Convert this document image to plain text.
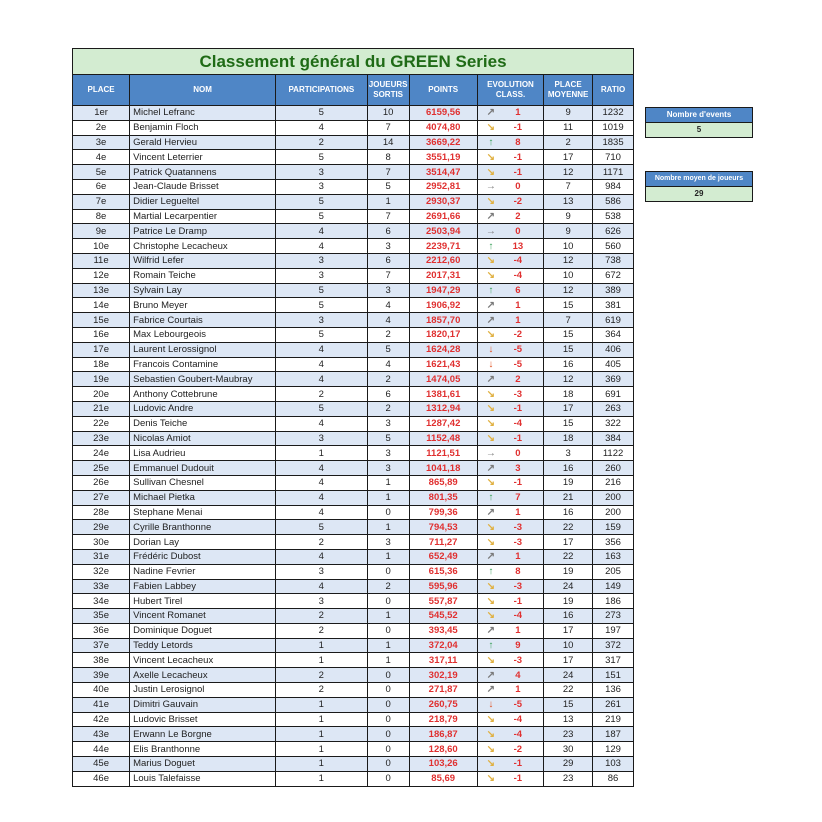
Classement général du GREEN Series							
PLACE	NOM	PARTICIPATIONS	JOUEURS SORTIS	POINTS	EVOLUTION CLASS.	PLACE MOYENNE	RATIO
1er	Michel Lefranc	5	10	6159,56	↗ 1	9	1232
2e	Benjamin Floch	4	7	4074,80	↘ -1	11	1019
3e	Gerald Hervieu	2	14	3669,22	↑ 8	2	1835
4e	Vincent Leterrier	5	8	3551,19	↘ -1	17	710
5e	Patrick Quatannens	3	7	3514,47	↘ -1	12	1171
6e	Jean-Claude Brisset	3	5	2952,81	→ 0	7	984
7e	Didier Legueltel	5	1	2930,37	↘ -2	13	586
8e	Martial Lecarpentier	5	7	2691,66	↗ 2	9	538
9e	Patrice Le Dramp	4	6	2503,94	→ 0	9	626
10e	Christophe Lecacheux	4	3	2239,71	↑ 13	10	560
11e	Wilfrid Lefer	3	6	2212,60	↘ -4	12	738
12e	Romain Teiche	3	7	2017,31	↘ -4	10	672
13e	Sylvain Lay	5	3	1947,29	↑ 6	12	389
14e	Bruno Meyer	5	4	1906,92	↗ 1	15	381
15e	Fabrice Courtais	3	4	1857,70	↗ 1	7	619
16e	Max Lebourgeois	5	2	1820,17	↘ -2	15	364
17e	Laurent Lerossignol	4	5	1624,28	↓ -5	15	406
18e	Francois Contamine	4	4	1621,43	↓ -5	16	405
19e	Sebastien Goubert-Maubray	4	2	1474,05	↗ 2	12	369
20e	Anthony Cottebrune	2	6	1381,61	↘ -3	18	691
21e	Ludovic Andre	5	2	1312,94	↘ -1	17	263
22e	Denis Teiche	4	3	1287,42	↘ -4	15	322
23e	Nicolas Amiot	3	5	1152,48	↘ -1	18	384
24e	Lisa Audrieu	1	3	1121,51	→ 0	3	1122
25e	Emmanuel Dudouit	4	3	1041,18	↗ 3	16	260
26e	Sullivan Chesnel	4	1	865,89	↘ -1	19	216
27e	Michael Pietka	4	1	801,35	↑ 7	21	200
28e	Stephane Menai	4	0	799,36	↗ 1	16	200
29e	Cyrille Branthonne	5	1	794,53	↘ -3	22	159
30e	Dorian Lay	2	3	711,27	↘ -3	17	356
31e	Frédéric Dubost	4	1	652,49	↗ 1	22	163
32e	Nadine Fevrier	3	0	615,36	↑ 8	19	205
33e	Fabien Labbey	4	2	595,96	↘ -3	24	149
34e	Hubert Tirel	3	0	557,87	↘ -1	19	186
35e	Vincent Romanet	2	1	545,52	↘ -4	16	273
36e	Dominique Doguet	2	0	393,45	↗ 1	17	197
37e	Teddy Letords	1	1	372,04	↑ 9	10	372
38e	Vincent Lecacheux	1	1	317,11	↘ -3	17	317
39e	Axelle Lecacheux	2	0	302,19	↗ 4	24	151
40e	Justin Lerosignol	2	0	271,87	↗ 1	22	136
41e	Dimitri Gauvain	1	0	260,75	↓ -5	15	261
42e	Ludovic Brisset	1	0	218,79	↘ -4	13	219
43e	Erwann Le Borgne	1	0	186,87	↘ -4	23	187
44e	Elis Branthonne	1	0	128,60	↘ -2	30	129
45e	Marius Doguet	1	0	103,26	↘ -1	29	103
46e	Louis Talefaisse	1	0	85,69	↘ -1	23	86
Nombre d'events
5
Nombre moyen de joueurs
29
